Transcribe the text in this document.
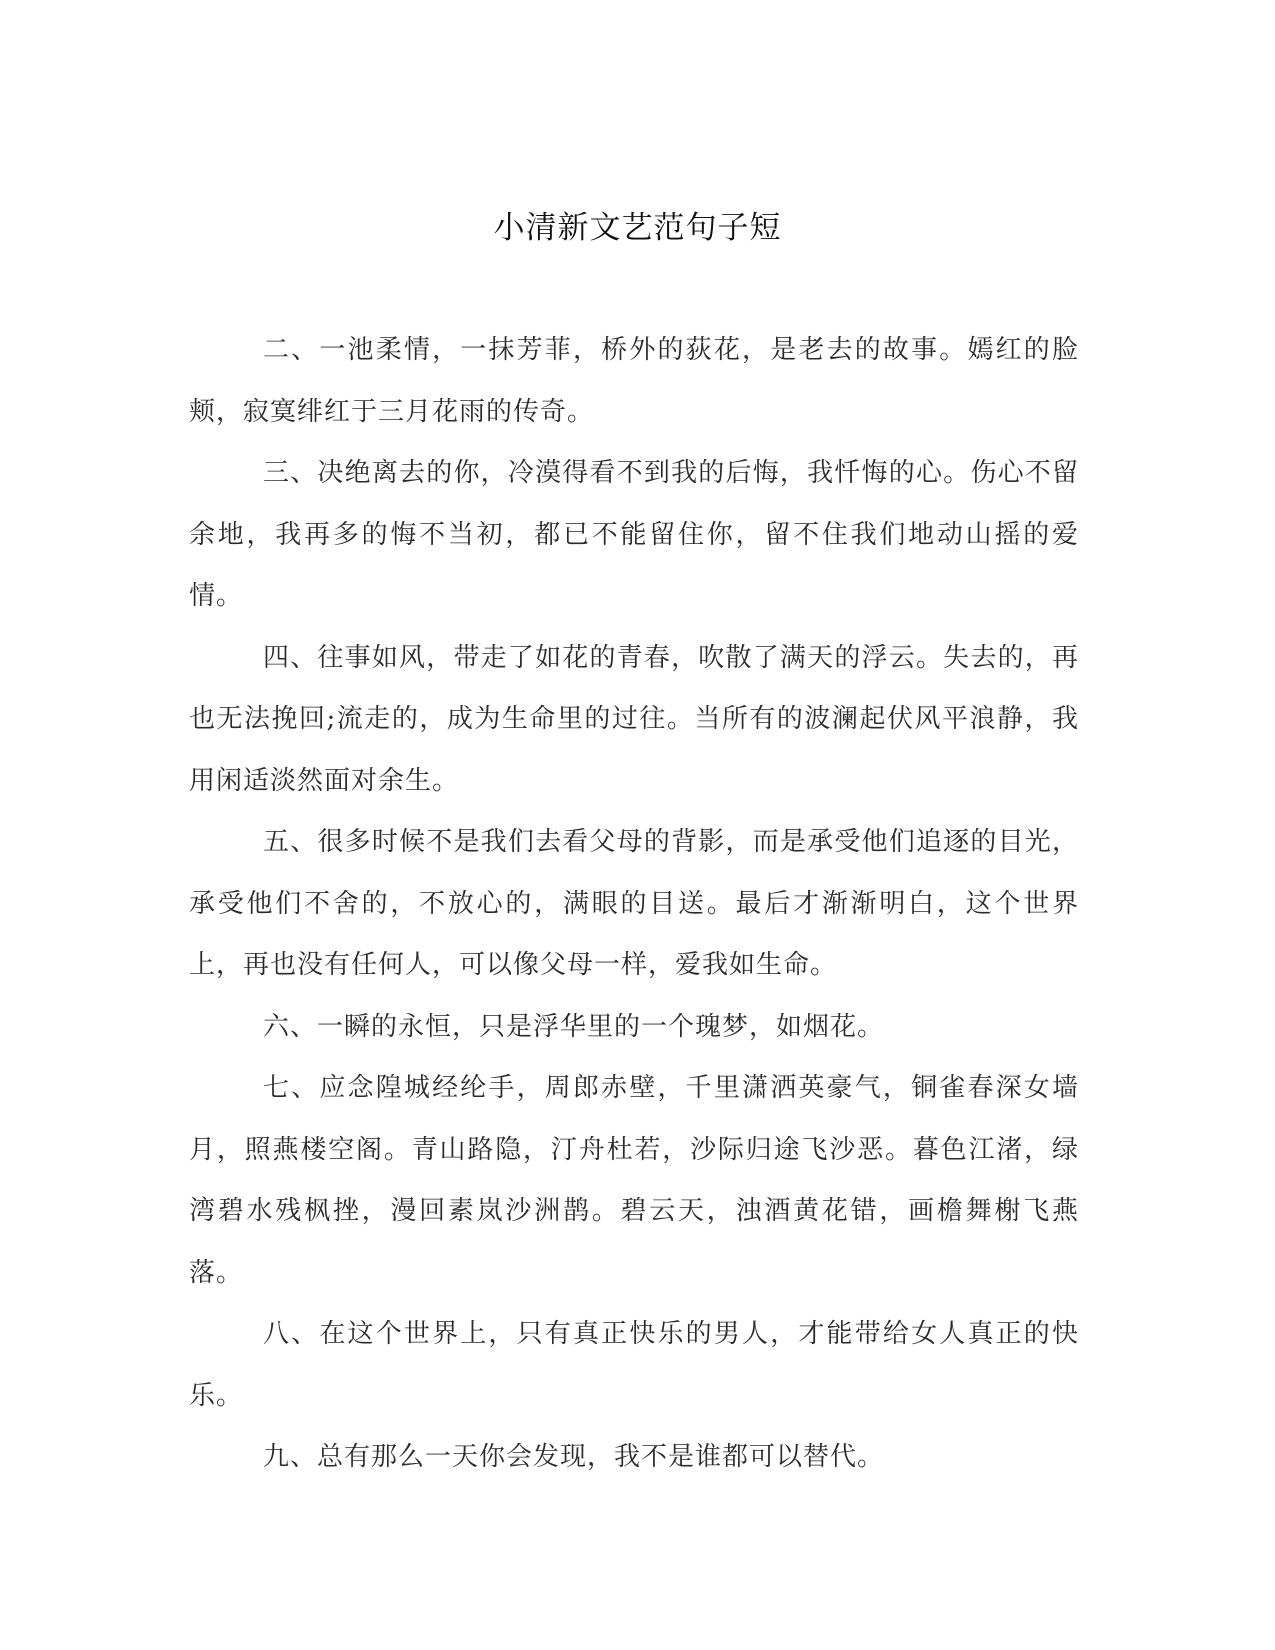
小清新文艺范句子短

二、一池柔情，一抹芳菲，桥外的荻花，是老去的故事。嫣红的脸颊，寂寞绯红于三月花雨的传奇。

三、决绝离去的你，冷漠得看不到我的后悔，我忏悔的心。伤心不留余地，我再多的悔不当初，都已不能留住你，留不住我们地动山摇的爱情。

四、往事如风，带走了如花的青春，吹散了满天的浮云。失去的，再也无法挽回;流走的，成为生命里的过往。当所有的波澜起伏风平浪静，我用闲适淡然面对余生。

五、很多时候不是我们去看父母的背影，而是承受他们追逐的目光，承受他们不舍的，不放心的，满眼的目送。最后才渐渐明白，这个世界上，再也没有任何人，可以像父母一样，爱我如生命。

六、一瞬的永恒，只是浮华里的一个瑰梦，如烟花。

七、应念隍城经纶手，周郎赤壁，千里潇洒英豪气，铜雀春深女墙月，照燕楼空阁。青山路隐，汀舟杜若，沙际归途飞沙恶。暮色江渚，绿湾碧水残枫挫，漫回素岚沙洲鹊。碧云天，浊酒黄花错，画檐舞榭飞燕落。

八、在这个世界上，只有真正快乐的男人，才能带给女人真正的快乐。

九、总有那么一天你会发现，我不是谁都可以替代。
